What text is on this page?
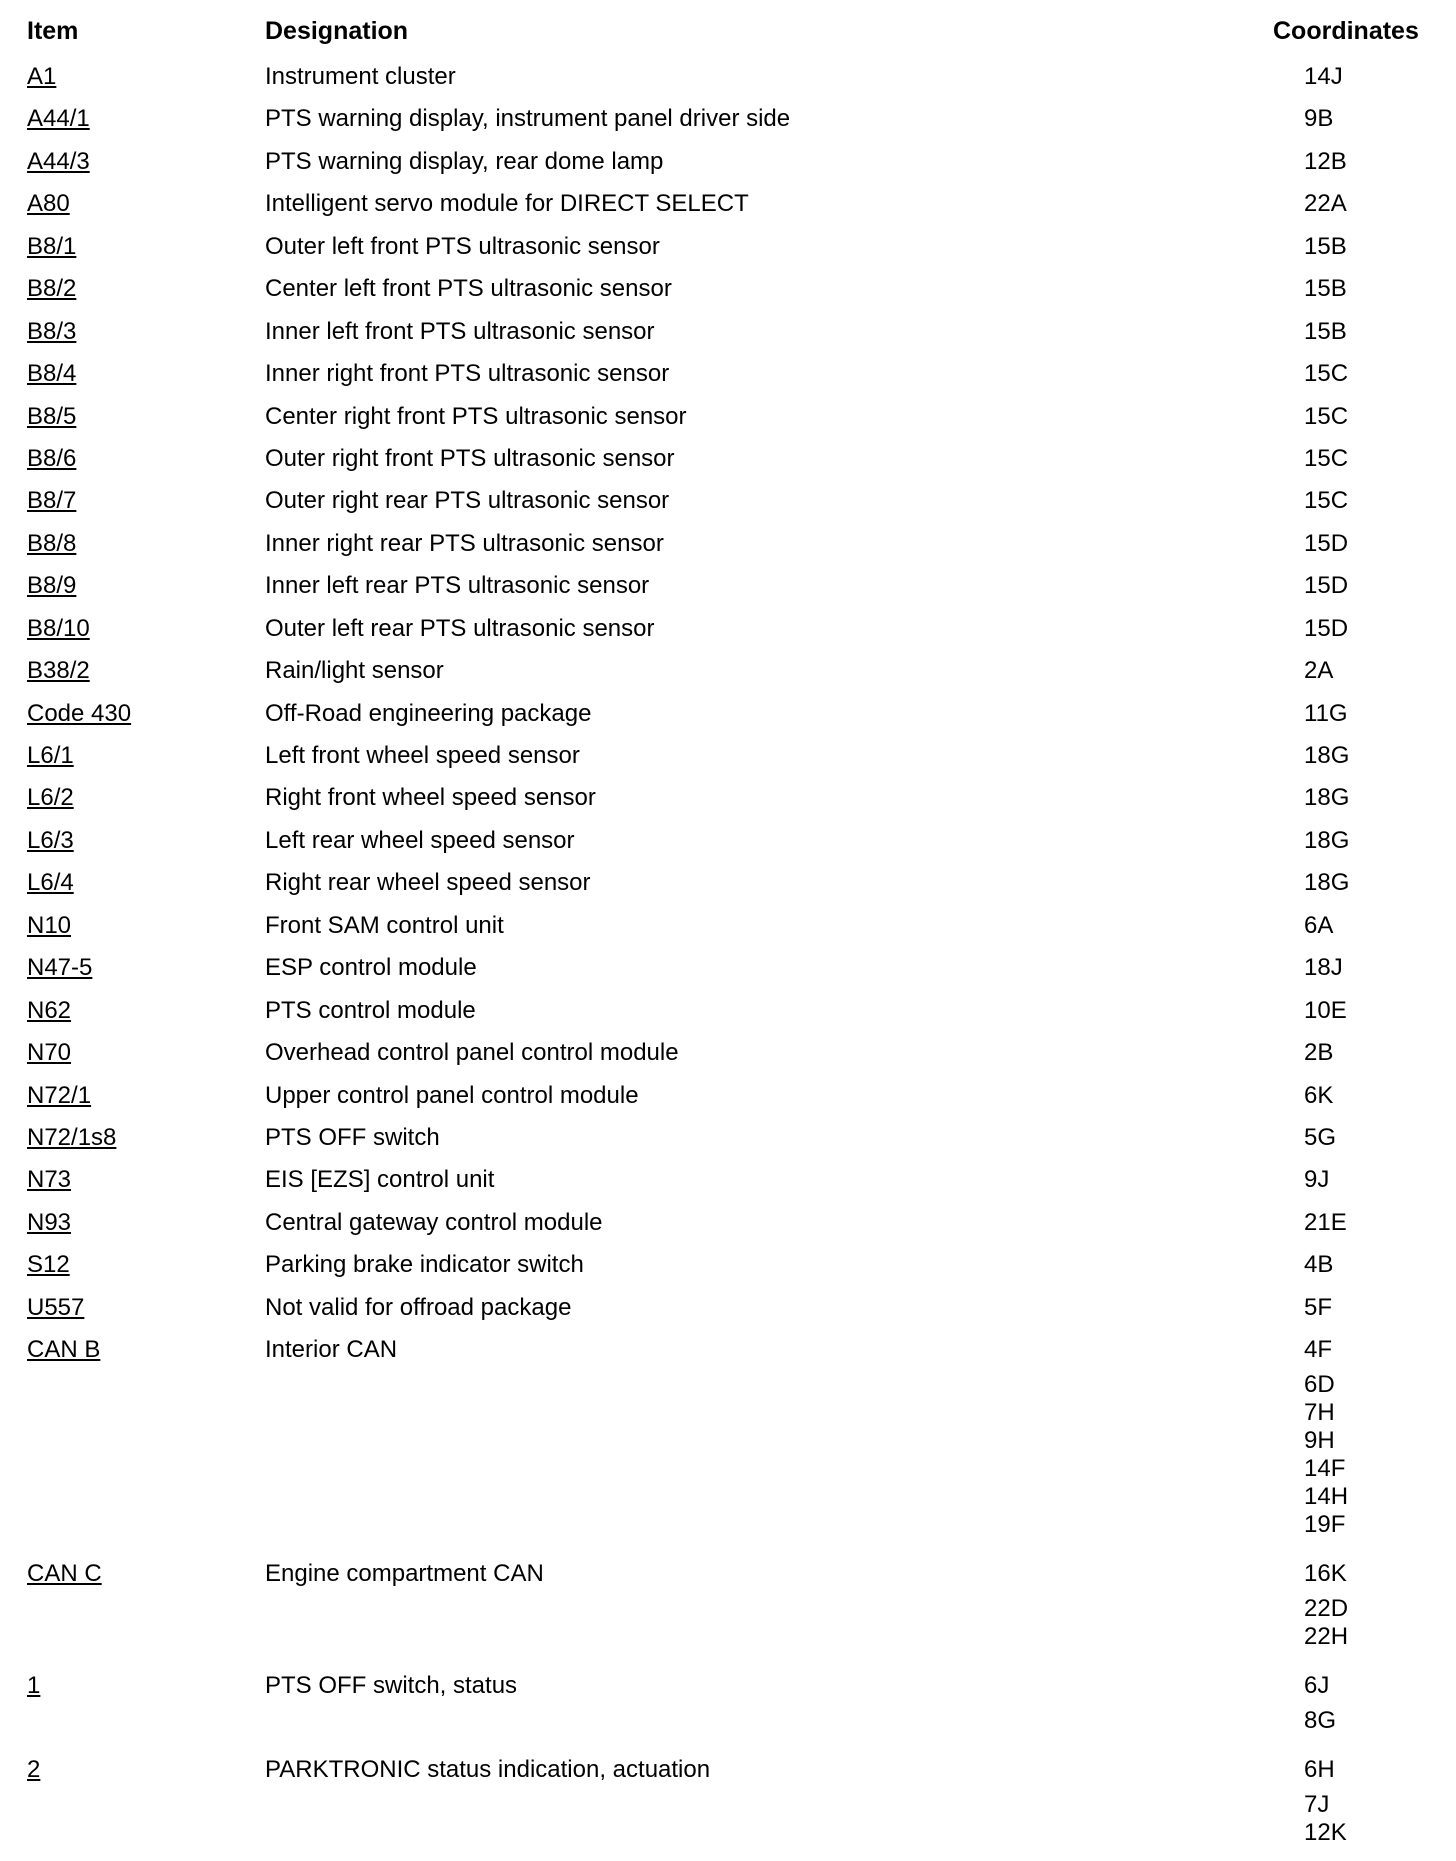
Item	Designation	Coordinates
A1	Instrument cluster	14J
A44/1	PTS warning display, instrument panel driver side	9B
A44/3	PTS warning display, rear dome lamp	12B
A80	Intelligent servo module for DIRECT SELECT	22A
B8/1	Outer left front PTS ultrasonic sensor	15B
B8/2	Center left front PTS ultrasonic sensor	15B
B8/3	Inner left front PTS ultrasonic sensor	15B
B8/4	Inner right front PTS ultrasonic sensor	15C
B8/5	Center right front PTS ultrasonic sensor	15C
B8/6	Outer right front PTS ultrasonic sensor	15C
B8/7	Outer right rear PTS ultrasonic sensor	15C
B8/8	Inner right rear PTS ultrasonic sensor	15D
B8/9	Inner left rear PTS ultrasonic sensor	15D
B8/10	Outer left rear PTS ultrasonic sensor	15D
B38/2	Rain/light sensor	2A
Code 430	Off-Road engineering package	11G
L6/1	Left front wheel speed sensor	18G
L6/2	Right front wheel speed sensor	18G
L6/3	Left rear wheel speed sensor	18G
L6/4	Right rear wheel speed sensor	18G
N10	Front SAM control unit	6A
N47-5	ESP control module	18J
N62	PTS control module	10E
N70	Overhead control panel control module	2B
N72/1	Upper control panel control module	6K
N72/1s8	PTS OFF switch	5G
N73	EIS [EZS] control unit	9J
N93	Central gateway control module	21E
S12	Parking brake indicator switch	4B
U557	Not valid for offroad package	5F
CAN B	Interior CAN	4F
6D
7H
9H
14F
14H
19F
CAN C	Engine compartment CAN	16K
22D
22H
1	PTS OFF switch, status	6J
8G
2	PARKTRONIC status indication, actuation	6H
7J
12K
